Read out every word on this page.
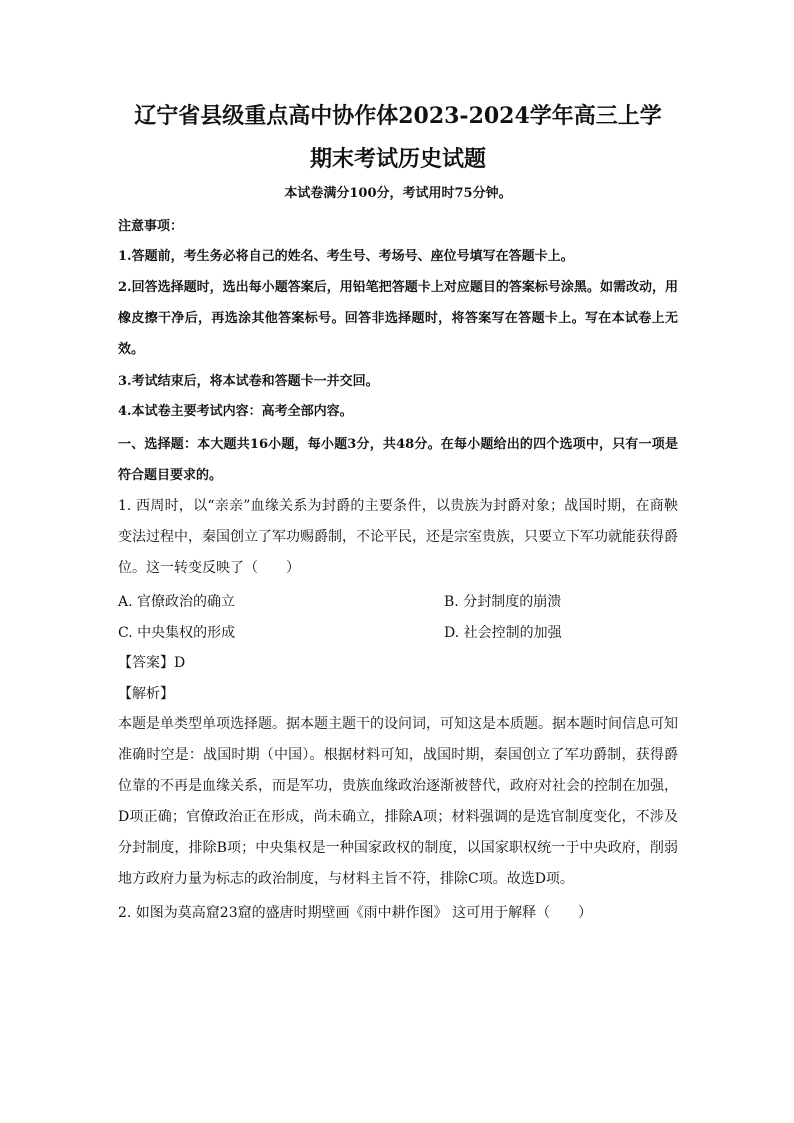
辽宁省县级重点高中协作体2023-2024学年高三上学
期末考试历史试题
本试卷满分100分，考试用时75分钟。
注意事项：
1.答题前，考生务必将自己的姓名、考生号、考场号、座位号填写在答题卡上。
2.回答选择题时，选出每小题答案后，用铅笔把答题卡上对应题目的答案标号涂黑。如需改动，用橡皮擦干净后，再选涂其他答案标号。回答非选择题时，将答案写在答题卡上。写在本试卷上无效。
3.考试结束后，将本试卷和答题卡一并交回。
4.本试卷主要考试内容：高考全部内容。
一、选择题：本大题共16小题，每小题3分，共48分。在每小题给出的四个选项中，只有一项是符合题目要求的。
1. 西周时，以“亲亲”血缘关系为封爵的主要条件，以贵族为封爵对象；战国时期，在商鞅变法过程中，秦国创立了军功赐爵制，不论平民，还是宗室贵族，只要立下军功就能获得爵位。这一转变反映了（　　）
A. 官僚政治的确立	B. 分封制度的崩溃
C. 中央集权的形成	D. 社会控制的加强
【答案】D
【解析】
本题是单类型单项选择题。据本题主题干的设问词，可知这是本质题。据本题时间信息可知准确时空是：战国时期（中国）。根据材料可知，战国时期，秦国创立了军功爵制，获得爵位靠的不再是血缘关系，而是军功，贵族血缘政治逐渐被替代，政府对社会的控制在加强，D项正确；官僚政治正在形成，尚未确立，排除A项；材料强调的是选官制度变化，不涉及分封制度，排除B项；中央集权是一种国家政权的制度，以国家职权统一于中央政府，削弱地方政府力量为标志的政治制度，与材料主旨不符，排除C项。故选D项。
2. 如图为莫高窟23窟的盛唐时期壁画《雨中耕作图》 这可用于解释（　　）
